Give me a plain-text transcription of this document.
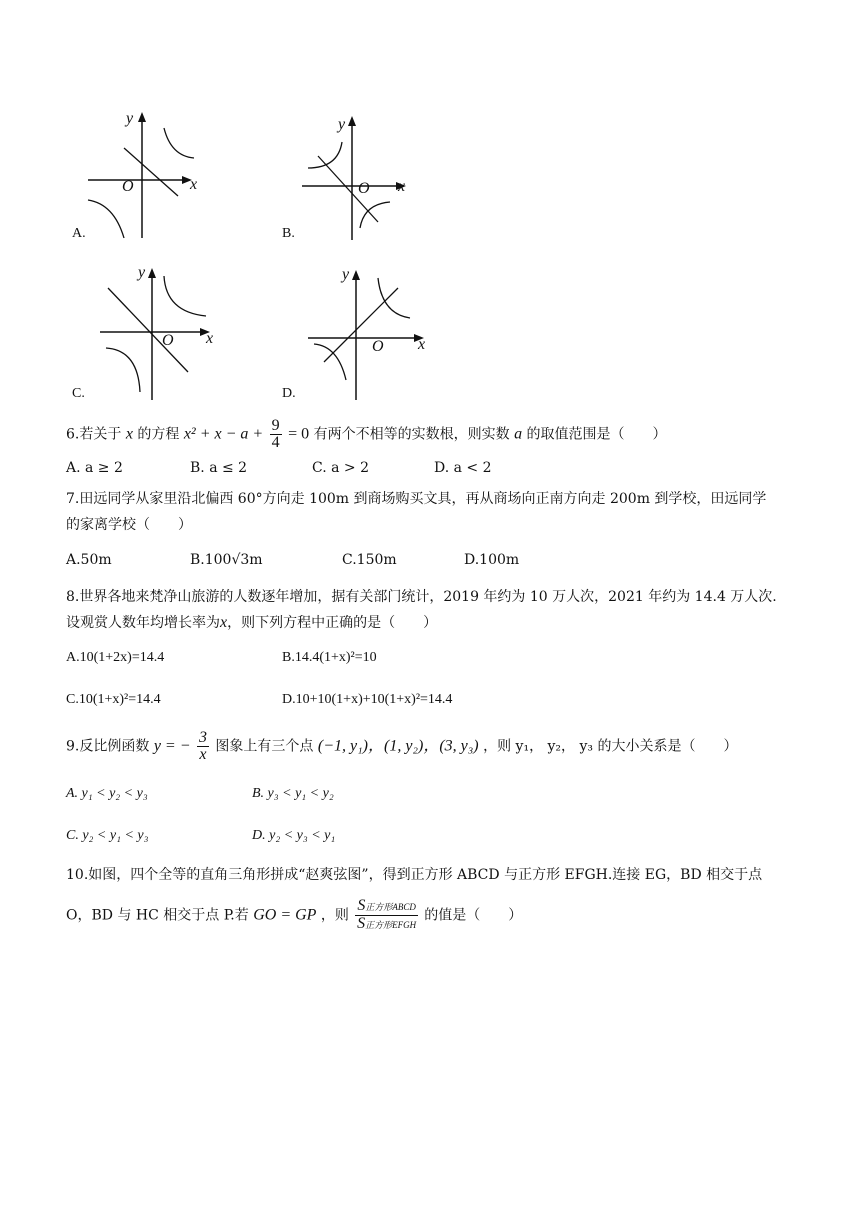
A.
y
x
O
B.
y
x
O
C.
y
x
O
D.
y
x
O
6.若关于 x 的方程 $x^2 + x - a + \frac{9}{4} = 0$ 有两个不相等的实数根，则实数 a 的取值范围是（　　）
A. a ≥ 2	B. a ≤ 2	C. a > 2	D. a < 2
7.田远同学从家里沿北偏西 60°方向走 100m 到商场购买文具，再从商场向正南方向走 200m 到学校，田远同学
的家离学校（　　）
A.50m	B.100√3m	C.150m	D.100m
8.世界各地来梵净山旅游的人数逐年增加，据有关部门统计，2019 年约为 10 万人次，2021 年约为 14.4 万人次.
设观赏人数年均增长率为x，则下列方程中正确的是（　　）
A.10(1+2x)=14.4	B.14.4(1+x)²=10
C.10(1+x)²=14.4	D.10+10(1+x)+10(1+x)²=14.4
9.反比例函数 y = − $\frac{3}{x}$ 图象上有三个点 (−1, y₁)，(1, y₂)，(3, y₃) ，则 y₁， y₂， y₃ 的大小关系是（　　）
A. y₁ < y₂ < y₃	B. y₃ < y₁ < y₂
C. y₂ < y₁ < y₃	D. y₂ < y₃ < y₁
10.如图，四个全等的直角三角形拼成“赵爽弦图”，得到正方形 ABCD 与正方形 EFGH.连接 EG，BD 相交于点
O，BD 与 HC 相交于点 P.若 GO = GP ，则 $\frac{\text{S正方形ABCD}}{\text{S正方形EFGH}}$ 的值是（　　）
